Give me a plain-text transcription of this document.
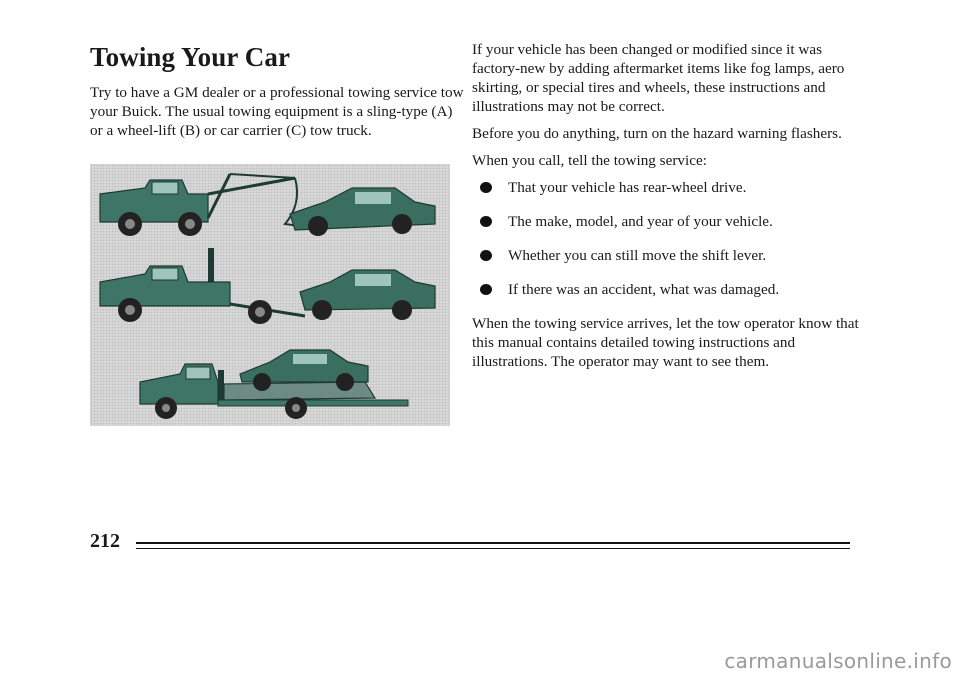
Towing Your Car

Try to have a GM dealer or a professional towing service tow your Buick. The usual towing equipment is a sling-type (A) or a wheel-lift (B) or car carrier (C) tow truck.

If your vehicle has been changed or modified since it was factory-new by adding aftermarket items like fog lamps, aero skirting, or special tires and wheels, these instructions and illustrations may not be correct.

Before you do anything, turn on the hazard warning flashers.

When you call, tell the towing service:

That your vehicle has rear-wheel drive.
The make, model, and year of your vehicle.
Whether you can still move the shift lever.
If there was an accident, what was damaged.

When the towing service arrives, let the tow operator know that this manual contains detailed towing instructions and illustrations. The operator may want to see them.

212
carmanualsonline.info
